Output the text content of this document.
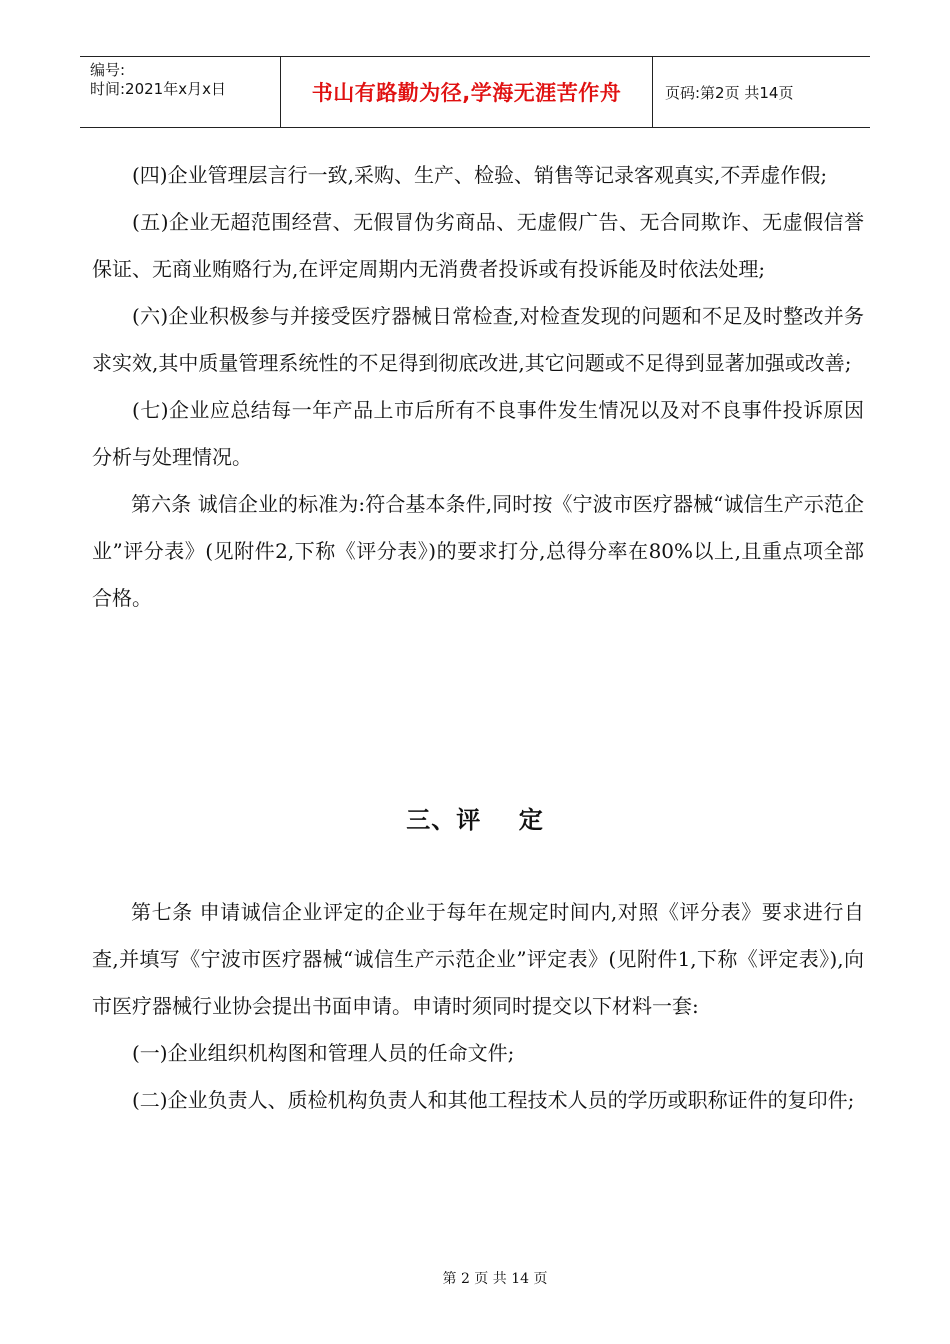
编号:
时间:2021年x月x日	书山有路勤为径,学海无涯苦作舟	页码:第2页 共14页

(四)企业管理层言行一致,采购、生产、检验、销售等记录客观真实,不弄虚作假;

(五)企业无超范围经营、无假冒伪劣商品、无虚假广告、无合同欺诈、无虚假信誉保证、无商业贿赂行为,在评定周期内无消费者投诉或有投诉能及时依法处理;

(六)企业积极参与并接受医疗器械日常检查,对检查发现的问题和不足及时整改并务求实效,其中质量管理系统性的不足得到彻底改进,其它问题或不足得到显著加强或改善;

(七)企业应总结每一年产品上市后所有不良事件发生情况以及对不良事件投诉原因分析与处理情况。

第六条 诚信企业的标准为:符合基本条件,同时按《宁波市医疗器械“诚信生产示范企业”评分表》(见附件2,下称《评分表》)的要求打分,总得分率在80%以上,且重点项全部合格。

三、评    定

第七条 申请诚信企业评定的企业于每年在规定时间内,对照《评分表》要求进行自查,并填写《宁波市医疗器械“诚信生产示范企业”评定表》(见附件1,下称《评定表》),向市医疗器械行业协会提出书面申请。申请时须同时提交以下材料一套:

(一)企业组织机构图和管理人员的任命文件;

(二)企业负责人、质检机构负责人和其他工程技术人员的学历或职称证件的复印件;

第 2 页 共 14 页
